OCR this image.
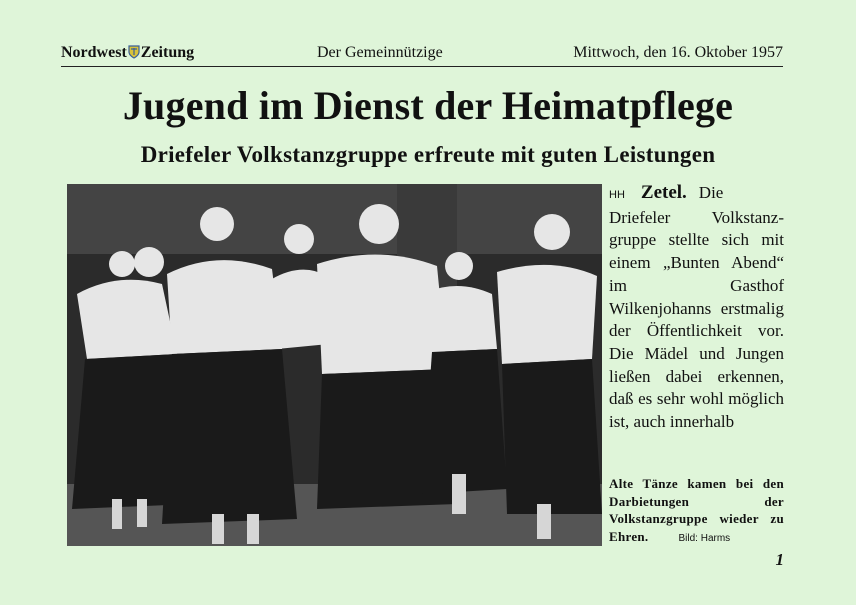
Nordwest Zeitung	Der Gemeinnützige	Mittwoch, den 16. Oktober 1957
Jugend im Dienst der Heimatpflege
Driefeler Volkstanzgruppe erfreute mit guten Leistungen
HH Zetel. Die Driefeler Volkstanzgruppe stellte sich mit einem „Bunten Abend“ im Gasthof Wilkenjohanns erstmalig der Öffentlichkeit vor. Die Mädel und Jungen ließen dabei erkennen, daß es sehr wohl möglich ist, auch innerhalb
Alte Tänze kamen bei den Darbietungen der Volkstanzgruppe wieder zu Ehren.	Bild: Harms
1
